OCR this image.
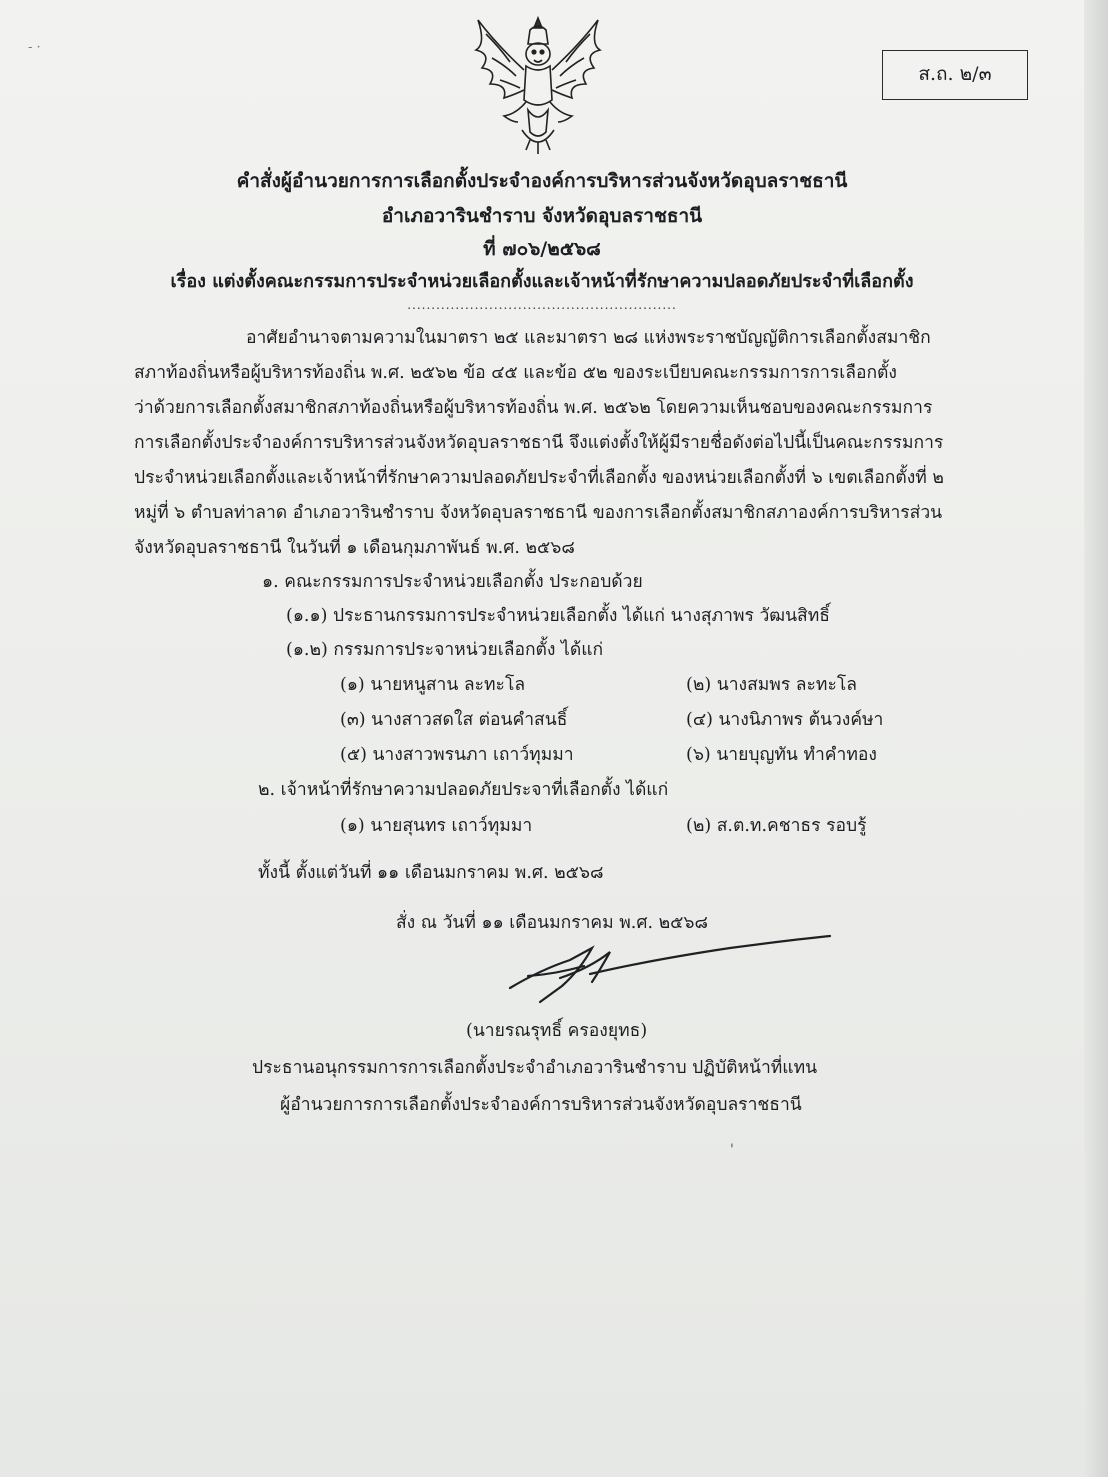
- ·
ส.ถ. ๒/๓
คำสั่งผู้อำนวยการการเลือกตั้งประจำองค์การบริหารส่วนจังหวัดอุบลราชธานี
อำเภอวารินชำราบ จังหวัดอุบลราชธานี
ที่ ๗๐๖/๒๕๖๘
เรื่อง แต่งตั้งคณะกรรมการประจำหน่วยเลือกตั้งและเจ้าหน้าที่รักษาความปลอดภัยประจำที่เลือกตั้ง
........................................................
อาศัยอำนาจตามความในมาตรา ๒๕ และมาตรา ๒๘ แห่งพระราชบัญญัติการเลือกตั้งสมาชิก
สภาท้องถิ่นหรือผู้บริหารท้องถิ่น พ.ศ. ๒๕๖๒ ข้อ ๔๕ และข้อ ๕๒ ของระเบียบคณะกรรมการการเลือกตั้ง
ว่าด้วยการเลือกตั้งสมาชิกสภาท้องถิ่นหรือผู้บริหารท้องถิ่น พ.ศ. ๒๕๖๒ โดยความเห็นชอบของคณะกรรมการ
การเลือกตั้งประจำองค์การบริหารส่วนจังหวัดอุบลราชธานี จึงแต่งตั้งให้ผู้มีรายชื่อดังต่อไปนี้เป็นคณะกรรมการ
ประจำหน่วยเลือกตั้งและเจ้าหน้าที่รักษาความปลอดภัยประจำที่เลือกตั้ง ของหน่วยเลือกตั้งที่ ๖ เขตเลือกตั้งที่ ๒
หมู่ที่ ๖ ตำบลท่าลาด อำเภอวารินชำราบ จังหวัดอุบลราชธานี ของการเลือกตั้งสมาชิกสภาองค์การบริหารส่วน
จังหวัดอุบลราชธานี ในวันที่ ๑ เดือนกุมภาพันธ์ พ.ศ. ๒๕๖๘
๑. คณะกรรมการประจำหน่วยเลือกตั้ง ประกอบด้วย
(๑.๑) ประธานกรรมการประจำหน่วยเลือกตั้ง ได้แก่ นางสุภาพร วัฒนสิทธิ์
(๑.๒) กรรมการประจาหน่วยเลือกตั้ง ได้แก่
(๑) นายหนูสาน ละทะโล	(๒) นางสมพร ละทะโล
(๓) นางสาวสดใส ต่อนคำสนธิ์	(๔) นางนิภาพร ต้นวงค์ษา
(๕) นางสาวพรนภา เถาว์ทุมมา	(๖) นายบุญทัน ทำคำทอง
๒. เจ้าหน้าที่รักษาความปลอดภัยประจาที่เลือกตั้ง ได้แก่
(๑) นายสุนทร เถาว์ทุมมา	(๒) ส.ต.ท.คชาธร รอบรู้
ทั้งนี้ ตั้งแต่วันที่ ๑๑ เดือนมกราคม พ.ศ. ๒๕๖๘
สั่ง ณ วันที่ ๑๑ เดือนมกราคม พ.ศ. ๒๕๖๘
(นายรณรุทธิ์ ครองยุทธ)
ประธานอนุกรรมการการเลือกตั้งประจำอำเภอวารินชำราบ ปฏิบัติหน้าที่แทน
ผู้อำนวยการการเลือกตั้งประจำองค์การบริหารส่วนจังหวัดอุบลราชธานี
'
